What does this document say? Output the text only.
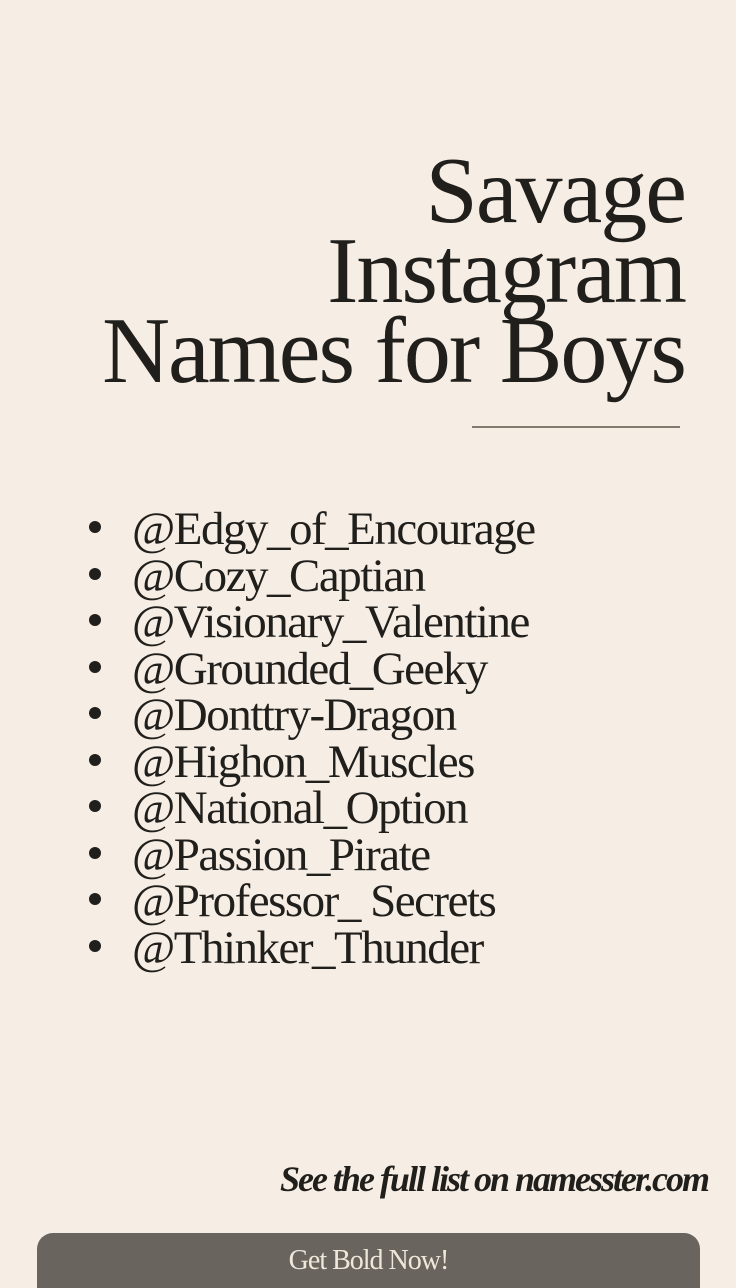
Savage
Instagram
Names for Boys
@Edgy_of_Encourage
@Cozy_Captian
@Visionary_Valentine
@Grounded_Geeky
@Donttry-Dragon
@Highon_Muscles
@National_Option
@Passion_Pirate
@Professor_ Secrets
@Thinker_Thunder
See the full list on namesster.com
Get Bold Now!
